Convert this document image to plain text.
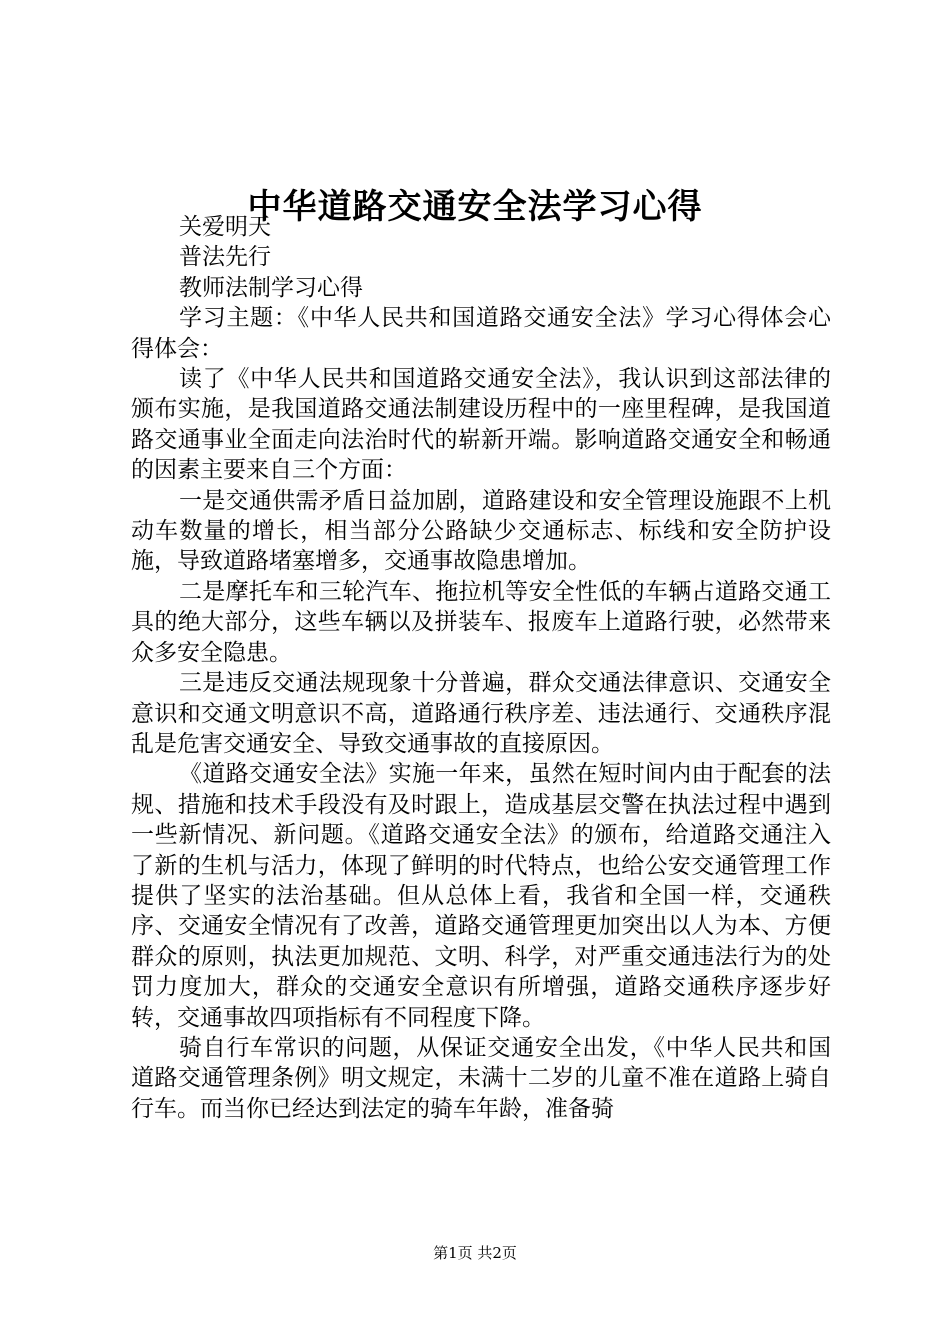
中华道路交通安全法学习心得

关爱明天

普法先行

教师法制学习心得

学习主题：《中华人民共和国道路交通安全法》学习心得体会心得体会：

读了《中华人民共和国道路交通安全法》，我认识到这部法律的颁布实施，是我国道路交通法制建设历程中的一座里程碑，是我国道路交通事业全面走向法治时代的崭新开端。影响道路交通安全和畅通的因素主要来自三个方面：

一是交通供需矛盾日益加剧，道路建设和安全管理设施跟不上机动车数量的增长，相当部分公路缺少交通标志、标线和安全防护设施，导致道路堵塞增多，交通事故隐患增加。

二是摩托车和三轮汽车、拖拉机等安全性低的车辆占道路交通工具的绝大部分，这些车辆以及拼装车、报废车上道路行驶，必然带来众多安全隐患。

三是违反交通法规现象十分普遍，群众交通法律意识、交通安全意识和交通文明意识不高，道路通行秩序差、违法通行、交通秩序混乱是危害交通安全、导致交通事故的直接原因。

《道路交通安全法》实施一年来，虽然在短时间内由于配套的法规、措施和技术手段没有及时跟上，造成基层交警在执法过程中遇到一些新情况、新问题。《道路交通安全法》的颁布，给道路交通注入了新的生机与活力，体现了鲜明的时代特点，也给公安交通管理工作提供了坚实的法治基础。但从总体上看，我省和全国一样，交通秩序、交通安全情况有了改善，道路交通管理更加突出以人为本、方便群众的原则，执法更加规范、文明、科学，对严重交通违法行为的处罚力度加大，群众的交通安全意识有所增强，道路交通秩序逐步好转，交通事故四项指标有不同程度下降。

骑自行车常识的问题，从保证交通安全出发，《中华人民共和国道路交通管理条例》明文规定，未满十二岁的儿童不准在道路上骑自行车。而当你已经达到法定的骑车年龄，准备骑

第1页 共2页
